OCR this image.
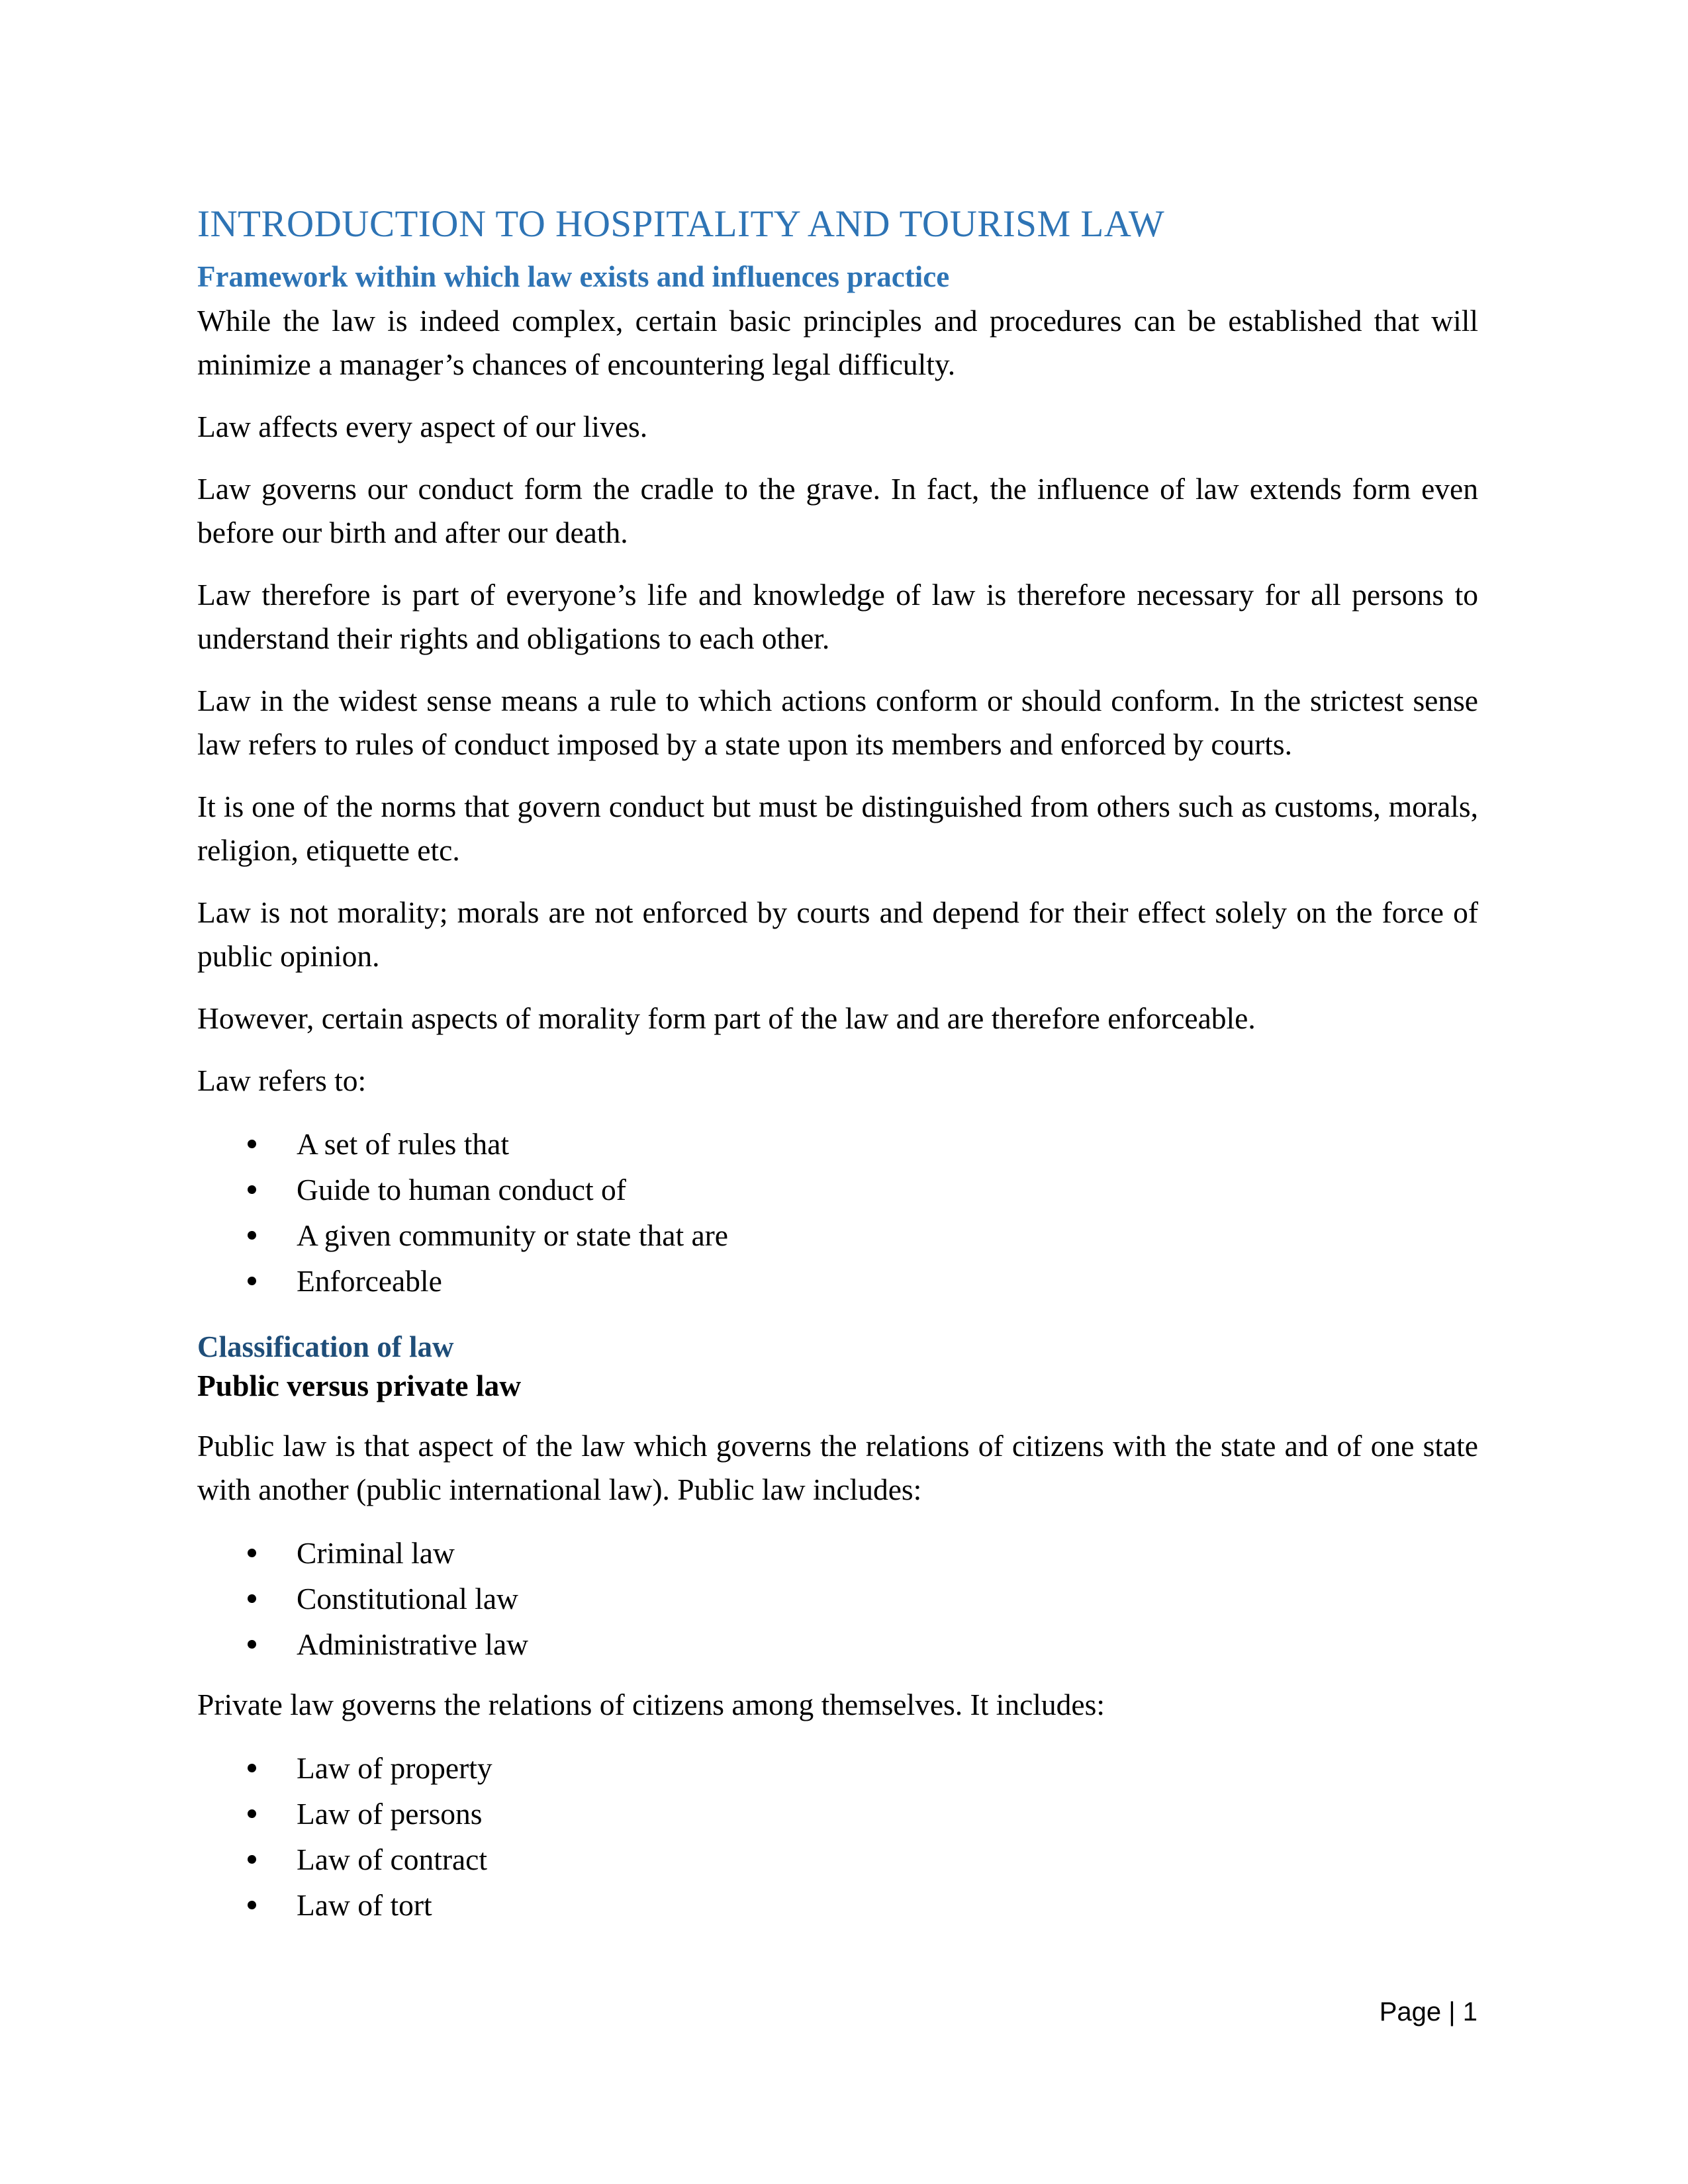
INTRODUCTION TO HOSPITALITY AND TOURISM LAW
Framework within which law exists and influences practice

While the law is indeed complex, certain basic principles and procedures can be established that will minimize a manager’s chances of encountering legal difficulty.

Law affects every aspect of our lives.

Law governs our conduct form the cradle to the grave. In fact, the influence of law extends form even before our birth and after our death.

Law therefore is part of everyone’s life and knowledge of law is therefore necessary for all persons to understand their rights and obligations to each other.

Law in the widest sense means a rule to which actions conform or should conform. In the strictest sense law refers to rules of conduct imposed by a state upon its members and enforced by courts.

It is one of the norms that govern conduct but must be distinguished from others such as customs, morals, religion, etiquette etc.

Law is not morality; morals are not enforced by courts and depend for their effect solely on the force of public opinion.

However, certain aspects of morality form part of the law and are therefore enforceable.

Law refers to:

A set of rules that
Guide to human conduct of
A given community or state that are
Enforceable
Classification of law

Public versus private law

Public law is that aspect of the law which governs the relations of citizens with the state and of one state with another (public international law). Public law includes:

Criminal law
Constitutional law
Administrative law

Private law governs the relations of citizens among themselves. It includes:

Law of property
Law of persons
Law of contract
Law of tort
Page | 1
